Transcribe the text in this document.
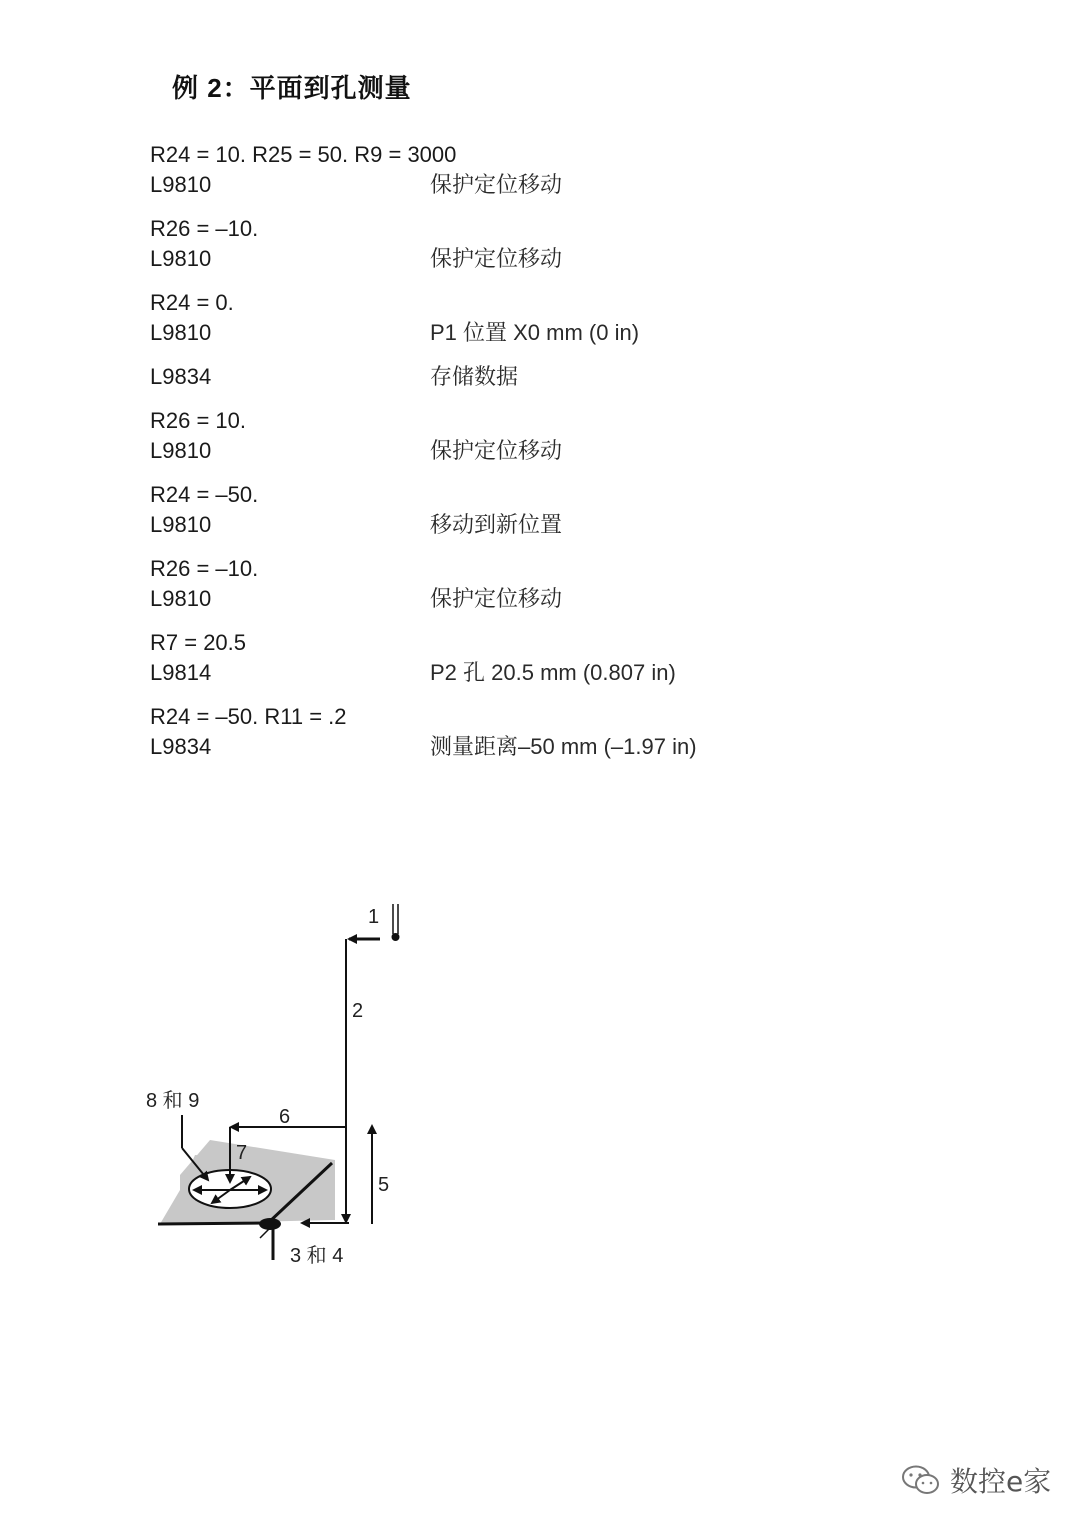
例 2：平面到孔测量
R24 = 10. R25 = 50. R9 = 3000
L9810	保护定位移动
R26 = –10.
L9810	保护定位移动
R24 = 0.
L9810	P1 位置 X0 mm (0 in)
L9834	存储数据
R26 = 10.
L9810	保护定位移动
R24 = –50.
L9810	移动到新位置
R26 = –10.
L9810	保护定位移动
R7 = 20.5
L9814	P2 孔 20.5 mm (0.807 in)
R24 = –50. R11 = .2
L9834	测量距离–50 mm (–1.97 in)
1
2
6
7
5
8 和 9
3 和 4
数控e家
